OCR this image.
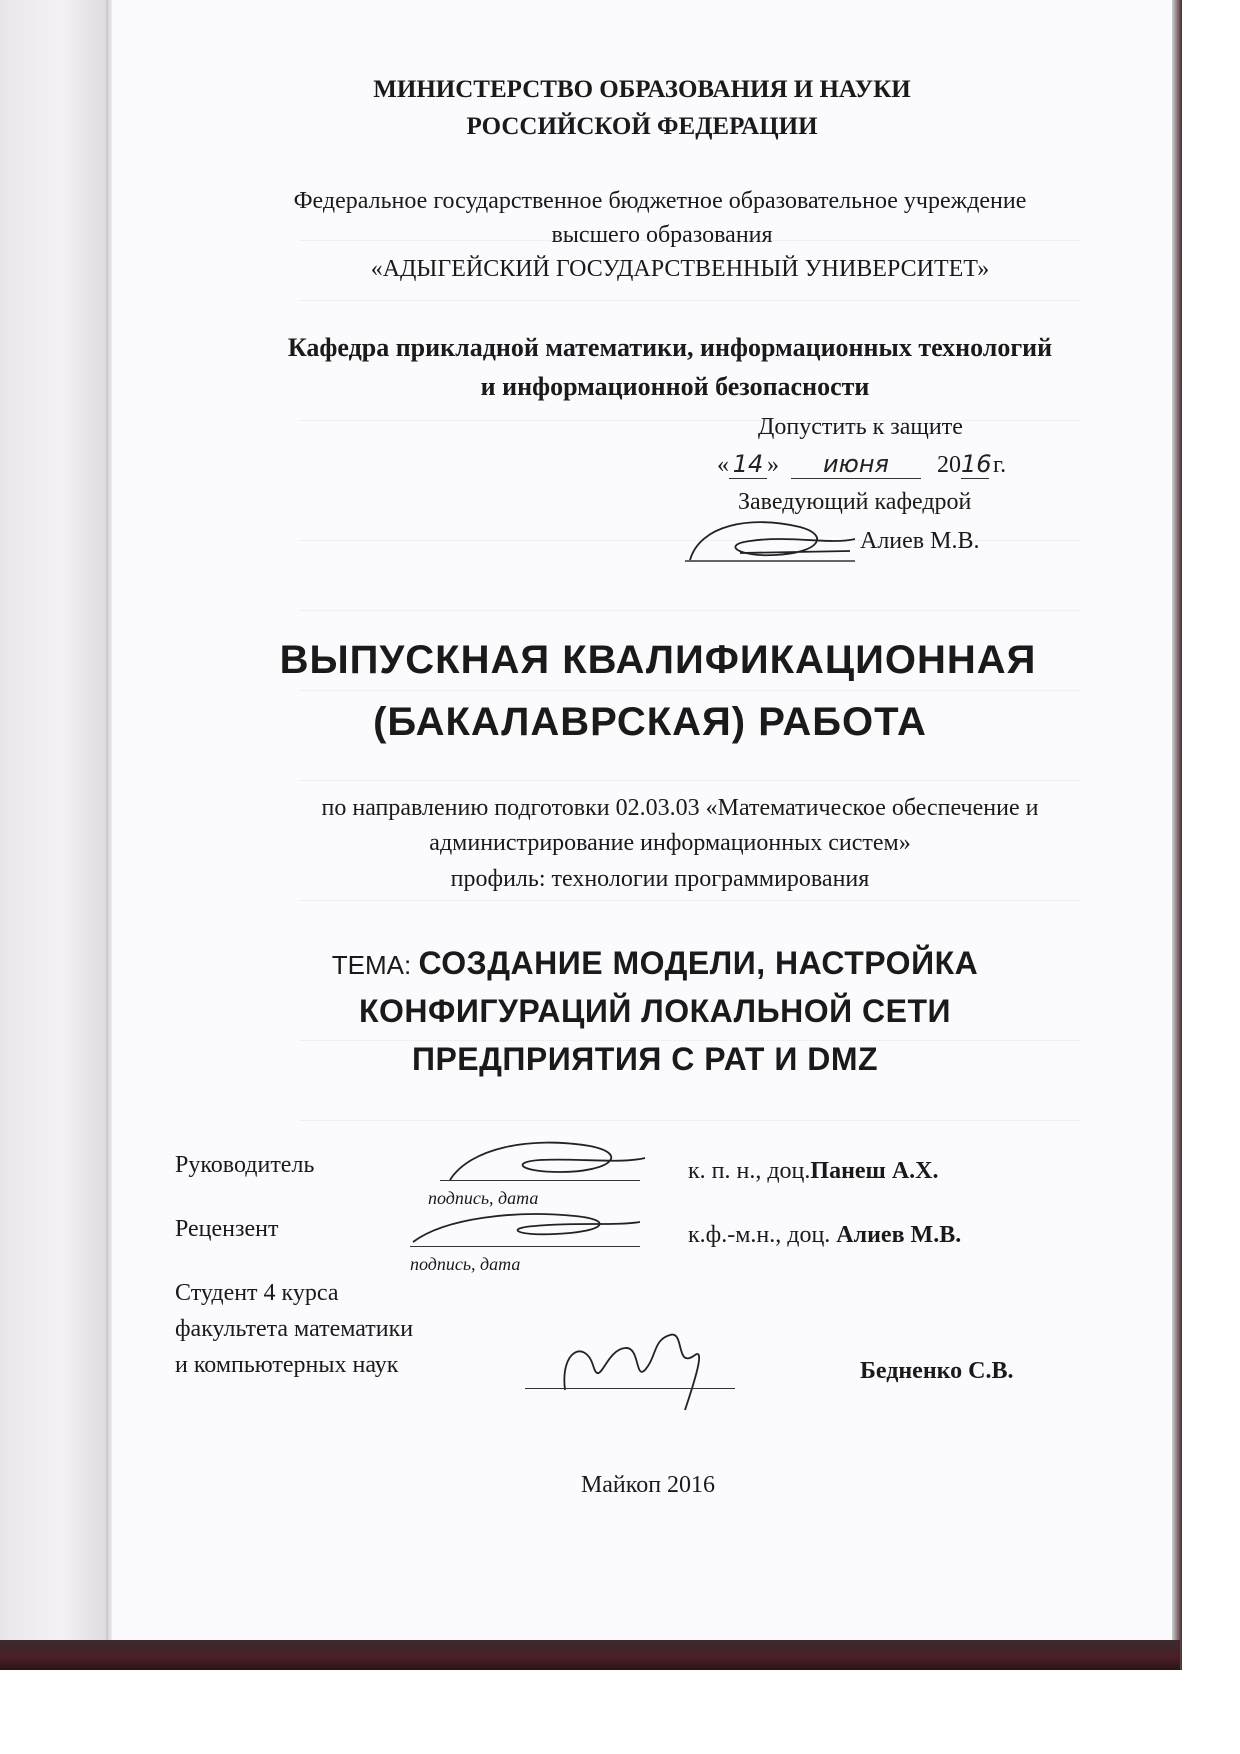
МИНИСТЕРСТВО ОБРАЗОВАНИЯ И НАУКИ
РОССИЙСКОЙ ФЕДЕРАЦИИ
Федеральное государственное бюджетное образовательное учреждение
высшего образования
«АДЫГЕЙСКИЙ ГОСУДАРСТВЕННЫЙ УНИВЕРСИТЕТ»
Кафедра прикладной математики, информационных технологий
и информационной безопасности
Допустить к защите
« 14 » июня 2016г.
Заведующий кафедрой
Алиев М.В.
ВЫПУСКНАЯ КВАЛИФИКАЦИОННАЯ
(БАКАЛАВРСКАЯ) РАБОТА
по направлению подготовки 02.03.03 «Математическое обеспечение и
администрирование информационных систем»
профиль: технологии программирования
ТЕМА: СОЗДАНИЕ МОДЕЛИ, НАСТРОЙКА
КОНФИГУРАЦИЙ ЛОКАЛЬНОЙ СЕТИ
ПРЕДПРИЯТИЯ С PAT И DMZ
Руководитель
подпись, дата
к. п. н., доц.Панеш А.Х.
Рецензент
подпись, дата
к.ф.-м.н., доц. Алиев М.В.
Студент 4 курса
факультета математики
и компьютерных наук	Бедненко С.В.
Майкоп 2016
